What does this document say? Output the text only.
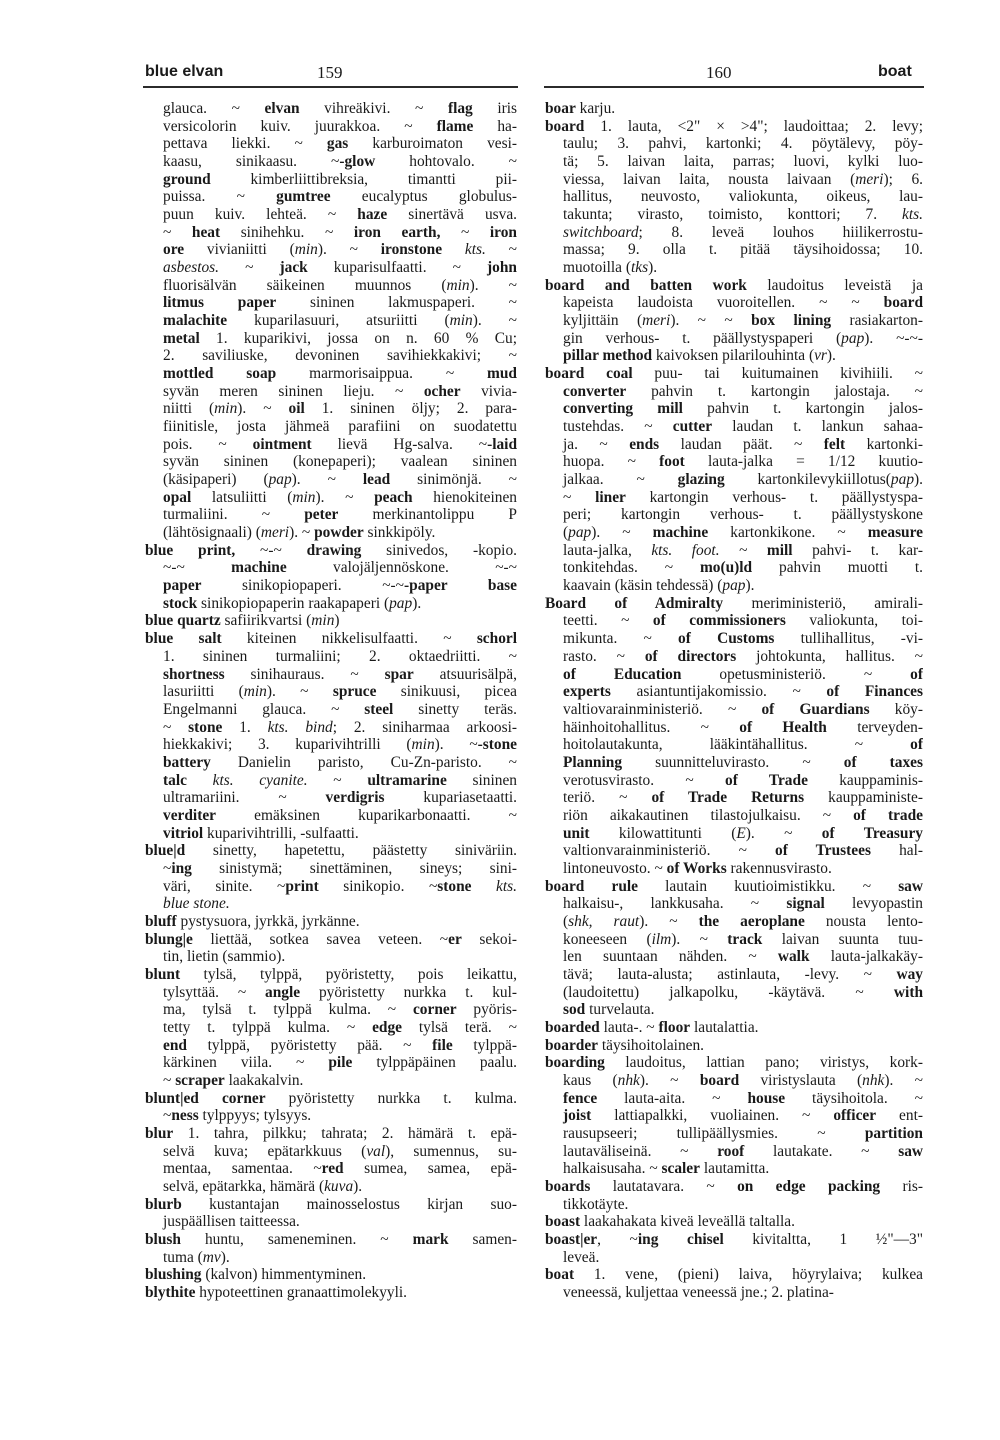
blue elvan	159	160	boat
glauca. ~ elvan vihreäkivi. ~ flag iris
versicolorin kuiv. juurakkoa. ~ flame ha-
pettava liekki. ~ gas karburoimaton vesi-
kaasu, sinikaasu. ~-glow hohtovalo. ~
ground kimberliittibreksia, timantti pii-
puissa. ~ gumtree eucalyptus globulus-
puun kuiv. lehteä. ~ haze sinertävä usva.
~ heat sinihehku. ~ iron earth, ~ iron
ore vivianiitti (min). ~ ironstone kts. ~
asbestos. ~ jack kuparisulfaatti. ~ john
fluorisälvän säikeinen muunnos (min). ~
litmus paper sininen lakmuspaperi. ~
malachite kuparilasuuri, atsuriitti (min). ~
metal 1. kuparikivi, jossa on n. 60 % Cu;
2. saviliuske, devoninen savihiekkakivi; ~
mottled soap marmorisaippua. ~ mud
syvän meren sininen lieju. ~ ocher vivia-
niitti (min). ~ oil 1. sininen öljy; 2. para-
fiinitisle, josta jähmeä parafiini on suodatettu
pois. ~ ointment lievä Hg-salva. ~-laid
syvän sininen (konepaperi); vaalean sininen
(käsipaperi) (pap). ~ lead sinimönjä. ~
opal latsuliitti (min). ~ peach hienokiteinen
turmaliini. ~ peter merkinantolippu P
(lähtösignaali) (meri). ~ powder sinkkipöly.
blue print, ~-~ drawing sinivedos, -kopio.
~-~ machine valojäljennöskone. ~-~
paper sinikopiopaperi. ~-~-paper base
stock sinikopiopaperin raakapaperi (pap).
blue quartz safiirikvartsi (min)
blue salt kiteinen nikkelisulfaatti. ~ schorl
1. sininen turmaliini; 2. oktaedriitti. ~
shortness sinihauraus. ~ spar atsuurisälpä,
lasuriitti (min). ~ spruce sinikuusi, picea
Engelmanni glauca. ~ steel sinetty teräs.
~ stone 1. kts. bind; 2. siniharmaa arkoosi-
hiekkakivi; 3. kuparivihtrilli (min). ~-stone
battery Danielin paristo, Cu-Zn-paristo. ~
talc kts. cyanite. ~ ultramarine sininen
ultramariini. ~ verdigris kupariasetaatti.
verditer emäksinen kuparikarbonaatti. ~
vitriol kuparivihtrilli, -sulfaatti.
blue|d sinetty, hapetettu, päästetty siniväriin.
~ing sinistymä; sinettäminen, sineys; sini-
väri, sinite. ~print sinikopio. ~stone kts.
blue stone.
bluff pystysuora, jyrkkä, jyrkänne.
blung|e liettää, sotkea savea veteen. ~er sekoi-
tin, lietin (sammio).
blunt tylsä, tylppä, pyöristetty, pois leikattu,
tylsyttää. ~ angle pyöristetty nurkka t. kul-
ma, tylsä t. tylppä kulma. ~ corner pyöris-
tetty t. tylppä kulma. ~ edge tylsä terä. ~
end tylppä, pyöristetty pää. ~ file tylppä-
kärkinen viila. ~ pile tylppäpäinen paalu.
~ scraper laakakalvin.
blunt|ed corner pyöristetty nurkka t. kulma.
~ness tylppyys; tylsyys.
blur 1. tahra, pilkku; tahrata; 2. hämärä t. epä-
selvä kuva; epätarkkuus (val), sumennus, su-
mentaa, samentaa. ~red sumea, samea, epä-
selvä, epätarkka, hämärä (kuva).
blurb kustantajan mainosselostus kirjan suo-
juspäällisen taitteessa.
blush huntu, sameneminen. ~ mark samen-
tuma (mv).
blushing (kalvon) himmentyminen.
blythite hypoteettinen granaattimolekyyli.
boar karju.
board 1. lauta, <2" × >4"; laudoittaa; 2. levy;
taulu; 3. pahvi, kartonki; 4. pöytälevy, pöy-
tä; 5. laivan laita, parras; luovi, kylki luo-
viessa, laivan laita, nousta laivaan (meri); 6.
hallitus, neuvosto, valiokunta, oikeus, lau-
takunta; virasto, toimisto, konttori; 7. kts.
switchboard; 8. leveä louhos hiilikerrostu-
massa; 9. olla t. pitää täysihoidossa; 10.
muotoilla (tks).
board and batten work laudoitus leveistä ja
kapeista laudoista vuoroitellen. ~ ~ board
kyljittäin (meri). ~ ~ box lining rasiakarton-
gin verhous- t. päällystyspaperi (pap). ~-~-
pillar method kaivoksen pilarilouhinta (vr).
board coal puu- tai kuitumainen kivihiili. ~
converter pahvin t. kartongin jalostaja. ~
converting mill pahvin t. kartongin jalos-
tustehdas. ~ cutter laudan t. lankun sahaa-
ja. ~ ends laudan päät. ~ felt kartonki-
huopa. ~ foot lauta-jalka = 1/12 kuutio-
jalkaa. ~ glazing kartonkilevykiillotus(pap).
~ liner kartongin verhous- t. päällystyspa-
peri; kartongin verhous- t. päällystyskone
(pap). ~ machine kartonkikone. ~ measure
lauta-jalka, kts. foot. ~ mill pahvi- t. kar-
tonkitehdas. ~ mo(u)ld pahvin muotti t.
kaavain (käsin tehdessä) (pap).
Board of Admiralty meriministeriö, amirali-
teetti. ~ of commissioners valiokunta, toi-
mikunta. ~ of Customs tullihallitus, -vi-
rasto. ~ of directors johtokunta, hallitus. ~
of Education opetusministeriö. ~ of
experts asiantuntijakomissio. ~ of Finances
valtiovarainministeriö. ~ of Guardians köy-
häinhoitohallitus. ~ of Health terveyden-
hoitolautakunta, lääkintähallitus. ~ of
Planning suunnitteluvirasto. ~ of taxes
verotusvirasto. ~ of Trade kauppaminis-
teriö. ~ of Trade Returns kauppaministe-
riön aikakautinen tilastojulkaisu. ~ of trade
unit kilowattitunti (E). ~ of Treasury
valtionvarainministeriö. ~ of Trustees hal-
lintoneuvosto. ~ of Works rakennusvirasto.
board rule lautain kuutioimistikku. ~ saw
halkaisu-, lankkusaha. ~ signal levyopastin
(shk, raut). ~ the aeroplane nousta lento-
koneeseen (ilm). ~ track laivan suunta tuu-
len suuntaan nähden. ~ walk lauta-jalkakäy-
tävä; lauta-alusta; astinlauta, -levy. ~ way
(laudoitettu) jalkapolku, -käytävä. ~ with
sod turvelauta.
boarded lauta-. ~ floor lautalattia.
boarder täysihoitolainen.
boarding laudoitus, lattian pano; viristys, kork-
kaus (nhk). ~ board viristyslauta (nhk). ~
fence lauta-aita. ~ house täysihoitola. ~
joist lattiapalkki, vuoliainen. ~ officer ent-
rausupseeri; tullipäällysmies. ~ partition
lautaväliseinä. ~ roof lautakate. ~ saw
halkaisusaha. ~ scaler lautamitta.
boards lautatavara. ~ on edge packing ris-
tikkotäyte.
boast laakahakata kiveä leveällä taltalla.
boast|er, ~ing chisel kivitaltta, 1 ½"—3"
leveä.
boat 1. vene, (pieni) laiva, höyrylaiva; kulkea
veneessä, kuljettaa veneessä jne.; 2. platina-
